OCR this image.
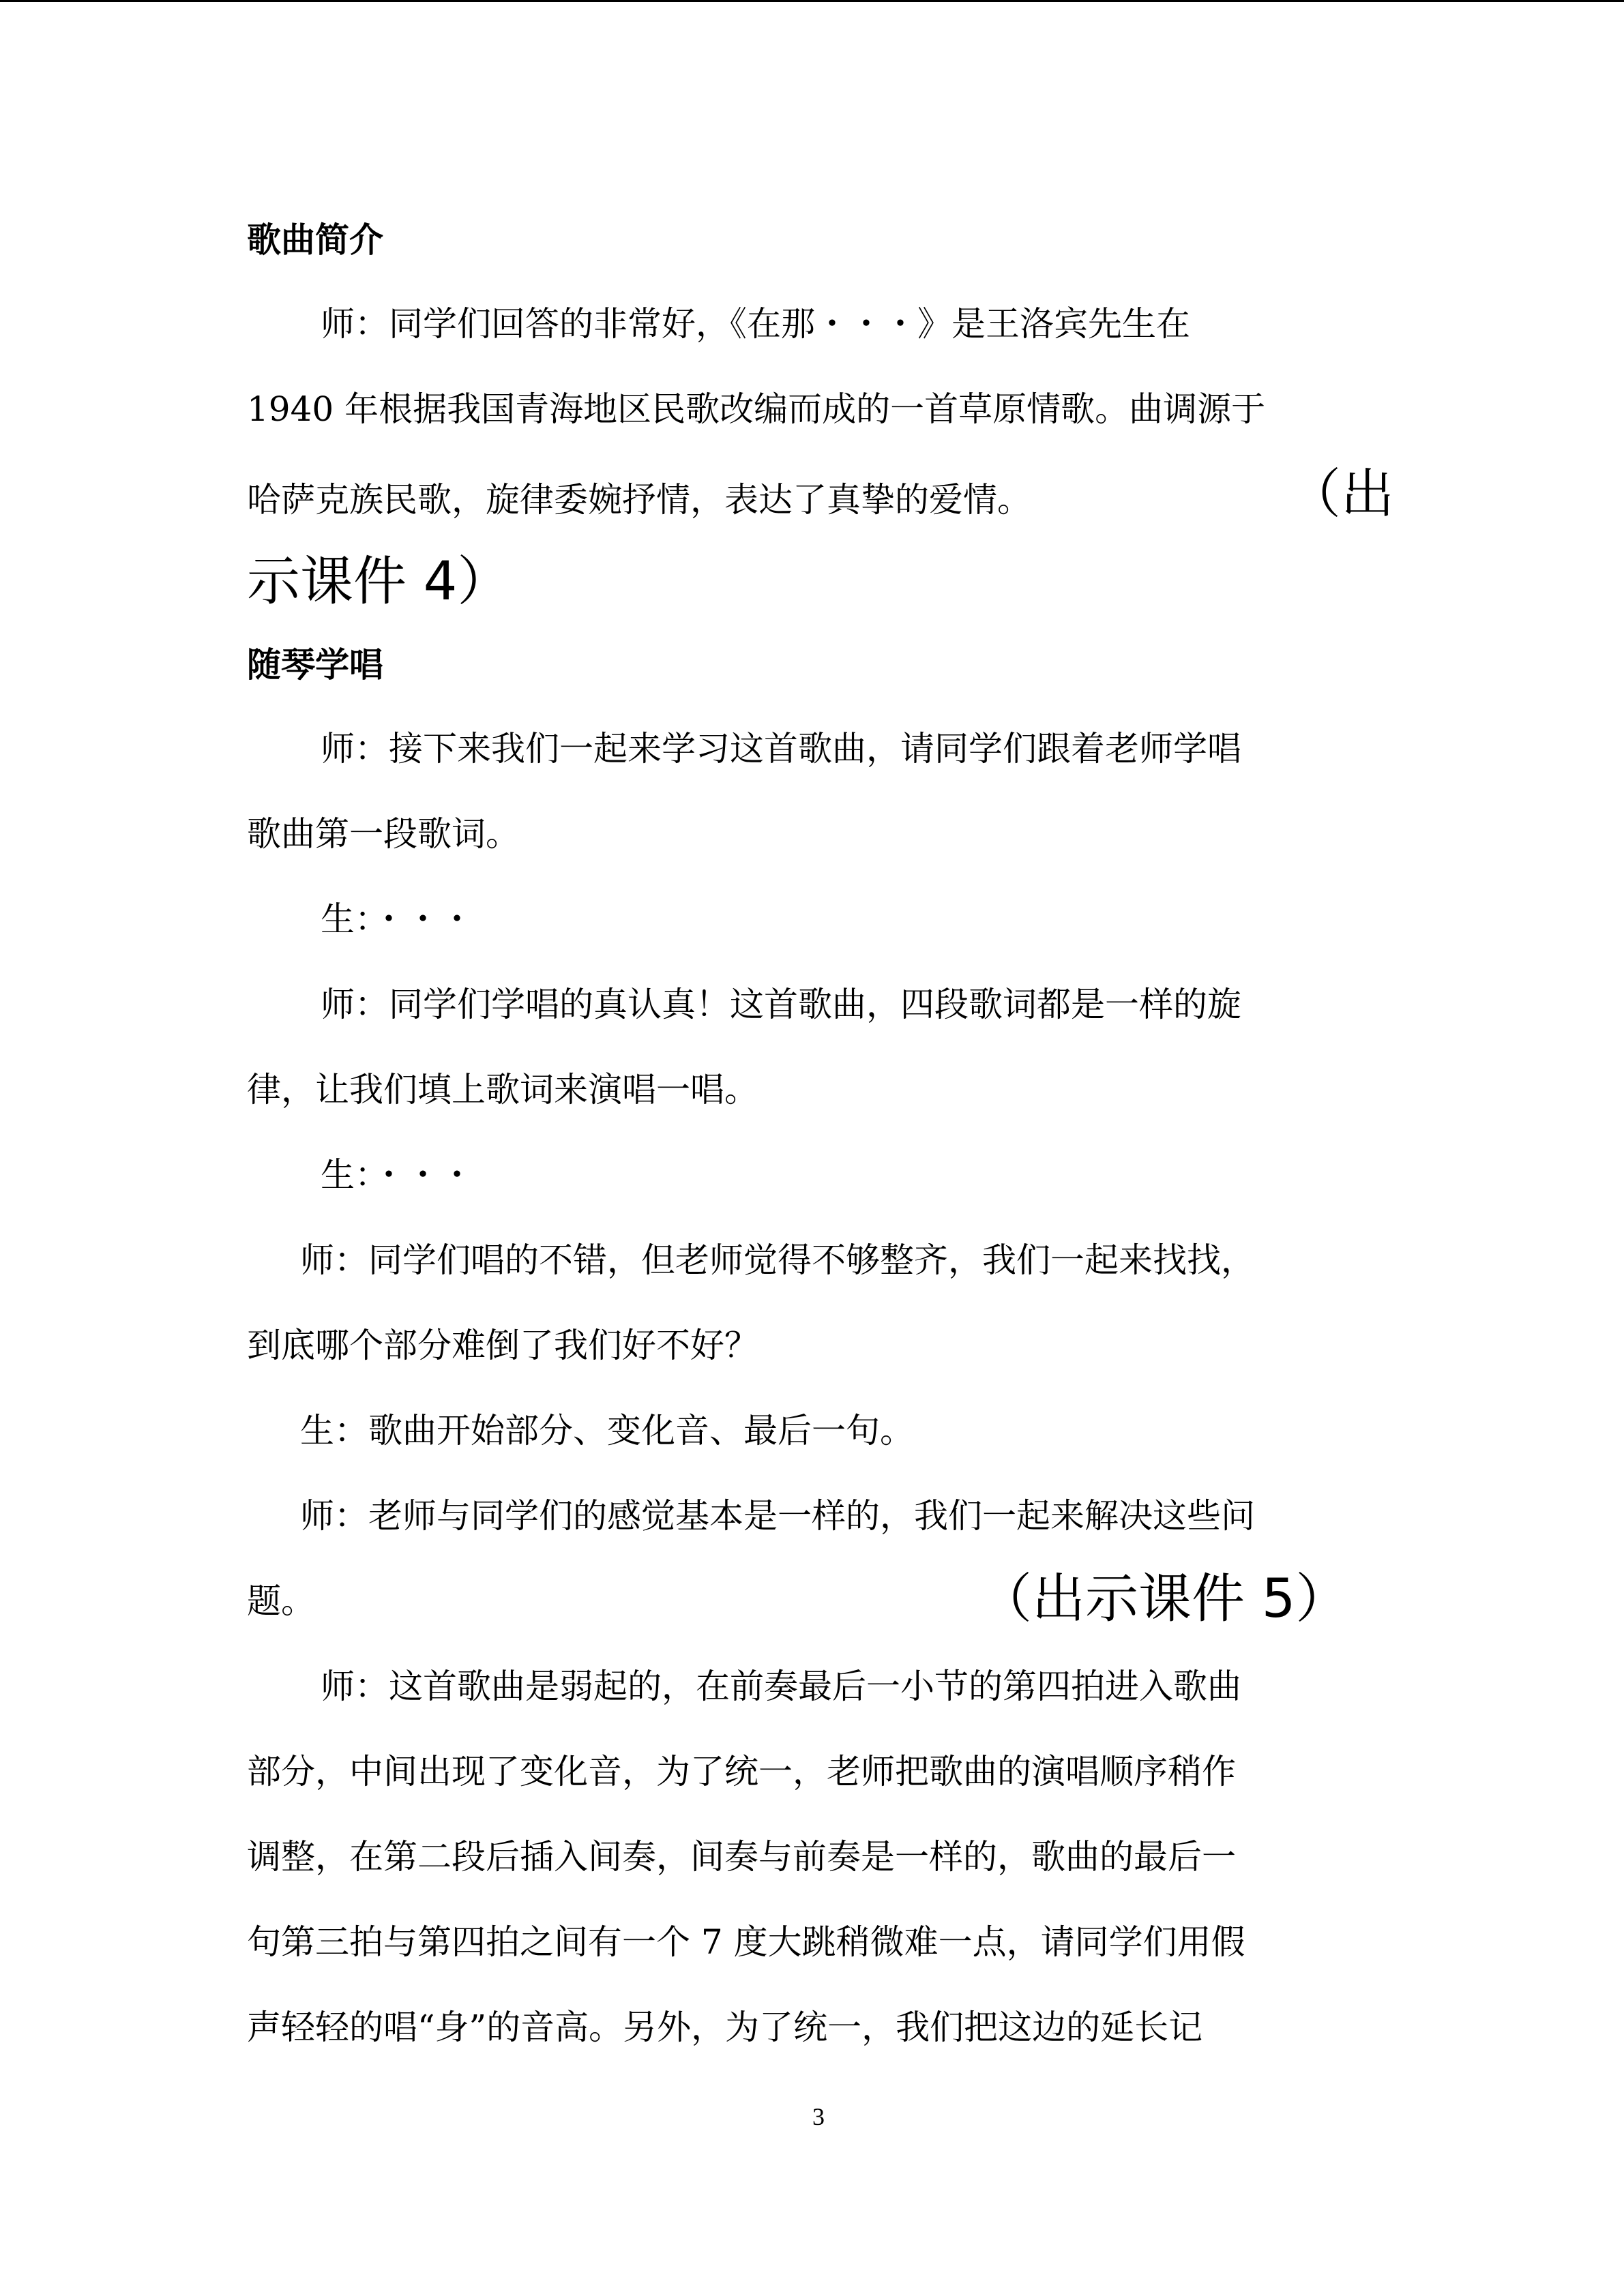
歌曲简介
师：同学们回答的非常好，《在那・・・》是王洛宾先生在
1940 年根据我国青海地区民歌改编而成的一首草原情歌。曲调源于
哈萨克族民歌，旋律委婉抒情，表达了真挚的爱情。	（出
示课件 4）
随琴学唱
师：接下来我们一起来学习这首歌曲，请同学们跟着老师学唱
歌曲第一段歌词。
生：・・・
师：同学们学唱的真认真！这首歌曲，四段歌词都是一样的旋
律，让我们填上歌词来演唱一唱。
生：・・・
师：同学们唱的不错，但老师觉得不够整齐，我们一起来找找，
到底哪个部分难倒了我们好不好？
生：歌曲开始部分、变化音、最后一句。
师：老师与同学们的感觉基本是一样的，我们一起来解决这些问
题。	（出示课件 5）
师：这首歌曲是弱起的，在前奏最后一小节的第四拍进入歌曲
部分，中间出现了变化音，为了统一，老师把歌曲的演唱顺序稍作
调整，在第二段后插入间奏，间奏与前奏是一样的，歌曲的最后一
句第三拍与第四拍之间有一个 7 度大跳稍微难一点，请同学们用假
声轻轻的唱“身”的音高。另外，为了统一，我们把这边的延长记
3
